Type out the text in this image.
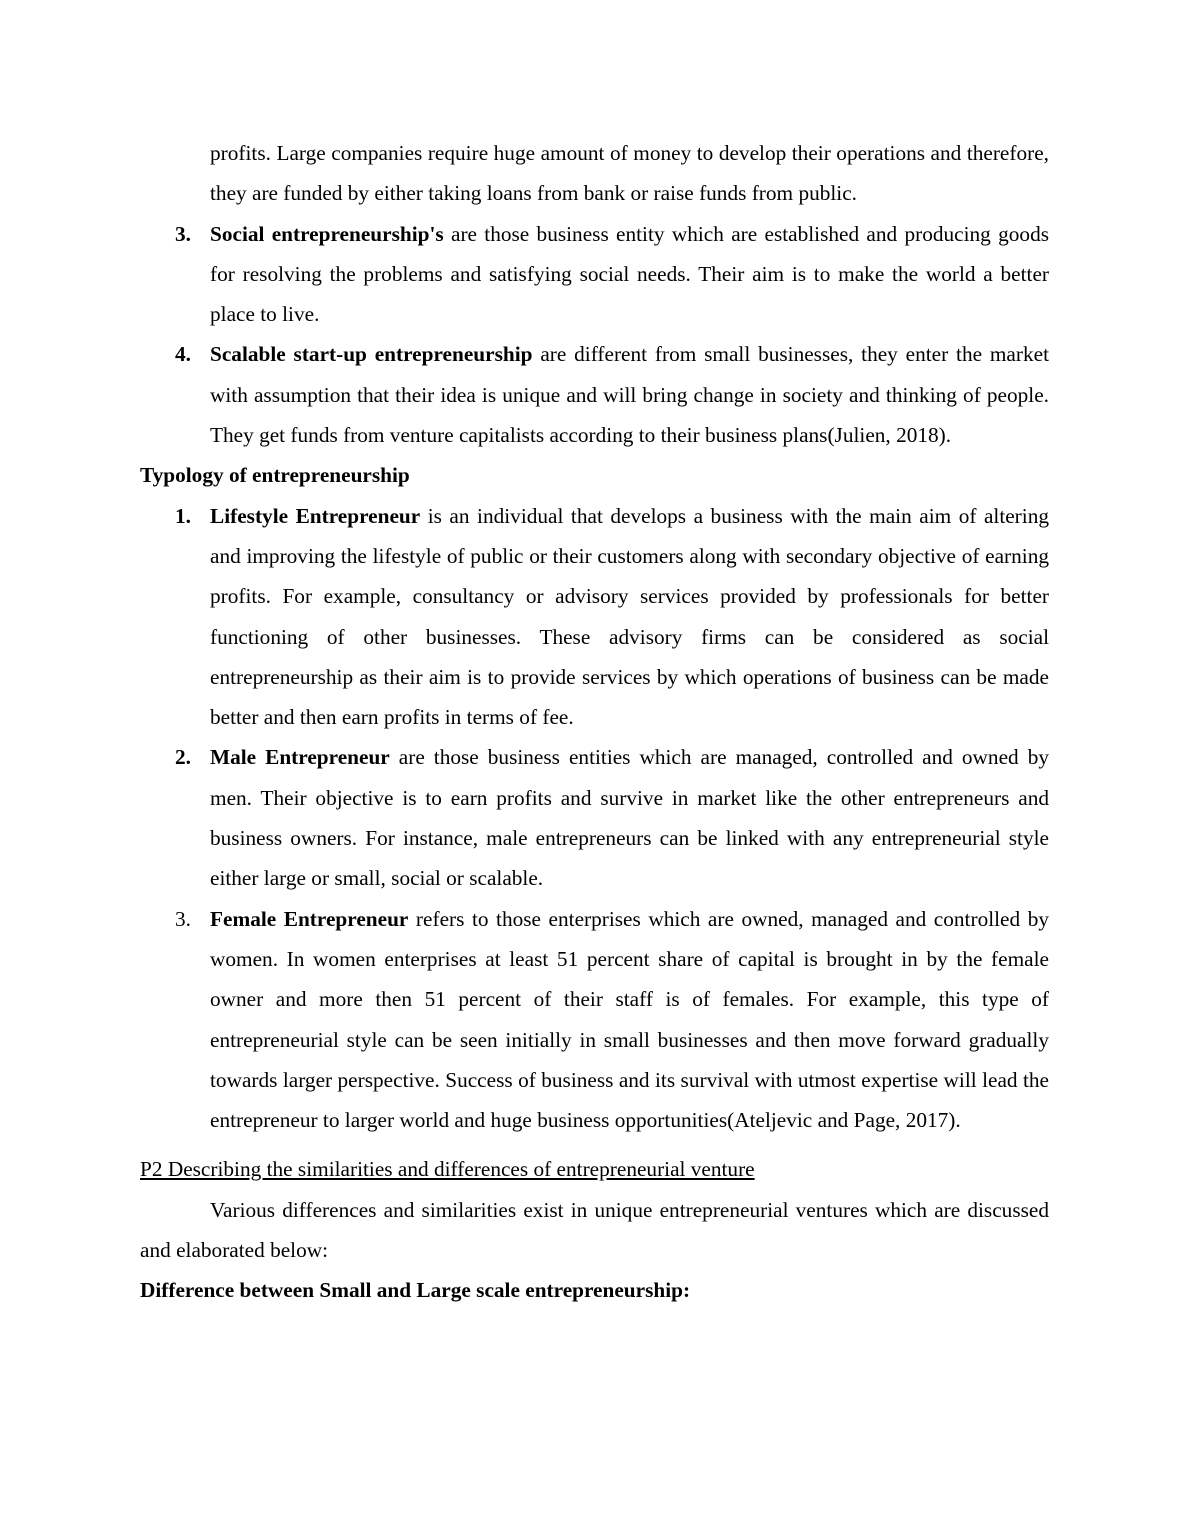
profits. Large companies require huge amount of money to develop their operations and therefore, they are funded by either taking loans from bank or raise funds from public.

3. Social entrepreneurship's are those business entity which are established and producing goods for resolving the problems and satisfying social needs. Their aim is to make the world a better place to live.

4. Scalable start-up entrepreneurship are different from small businesses, they enter the market with assumption that their idea is unique and will bring change in society and thinking of people. They get funds from venture capitalists according to their business plans(Julien, 2018).

Typology of entrepreneurship

1. Lifestyle Entrepreneur is an individual that develops a business with the main aim of altering and improving the lifestyle of public or their customers along with secondary objective of earning profits. For example, consultancy or advisory services provided by professionals for better functioning of other businesses. These advisory firms can be considered as social entrepreneurship as their aim is to provide services by which operations of business can be made better and then earn profits in terms of fee.

2. Male Entrepreneur are those business entities which are managed, controlled and owned by men. Their objective is to earn profits and survive in market like the other entrepreneurs and business owners. For instance, male entrepreneurs can be linked with any entrepreneurial style either large or small, social or scalable.

3. Female Entrepreneur refers to those enterprises which are owned, managed and controlled by women. In women enterprises at least 51 percent share of capital is brought in by the female owner and more then 51 percent of their staff is of females. For example, this type of entrepreneurial style can be seen initially in small businesses and then move forward gradually towards larger perspective. Success of business and its survival with utmost expertise will lead the entrepreneur to larger world and huge business opportunities(Ateljevic and Page, 2017).

P2 Describing the similarities and differences of entrepreneurial venture

Various differences and similarities exist in unique entrepreneurial ventures which are discussed and elaborated below:

Difference between Small and Large scale entrepreneurship:
